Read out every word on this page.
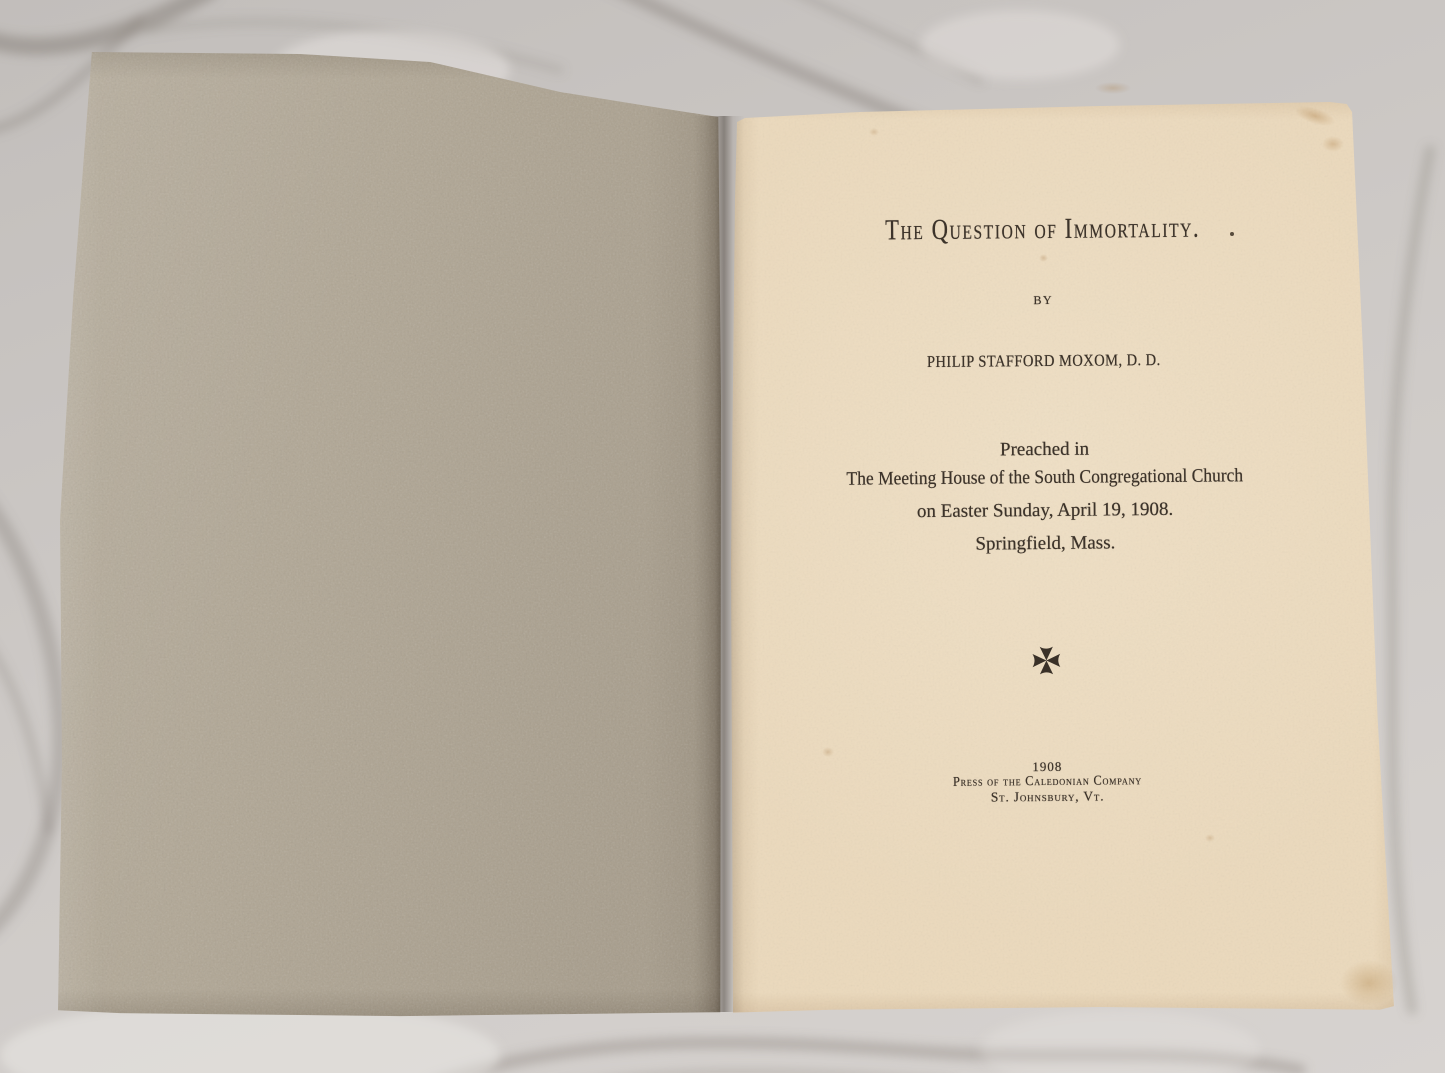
The Question of Immortality.
BY
PHILIP STAFFORD MOXOM, D. D.
Preached in
The Meeting House of the South Congregational Church
on Easter Sunday, April 19, 1908.
Springfield, Mass.
1908
Press of the Caledonian Company
St. Johnsbury, Vt.
